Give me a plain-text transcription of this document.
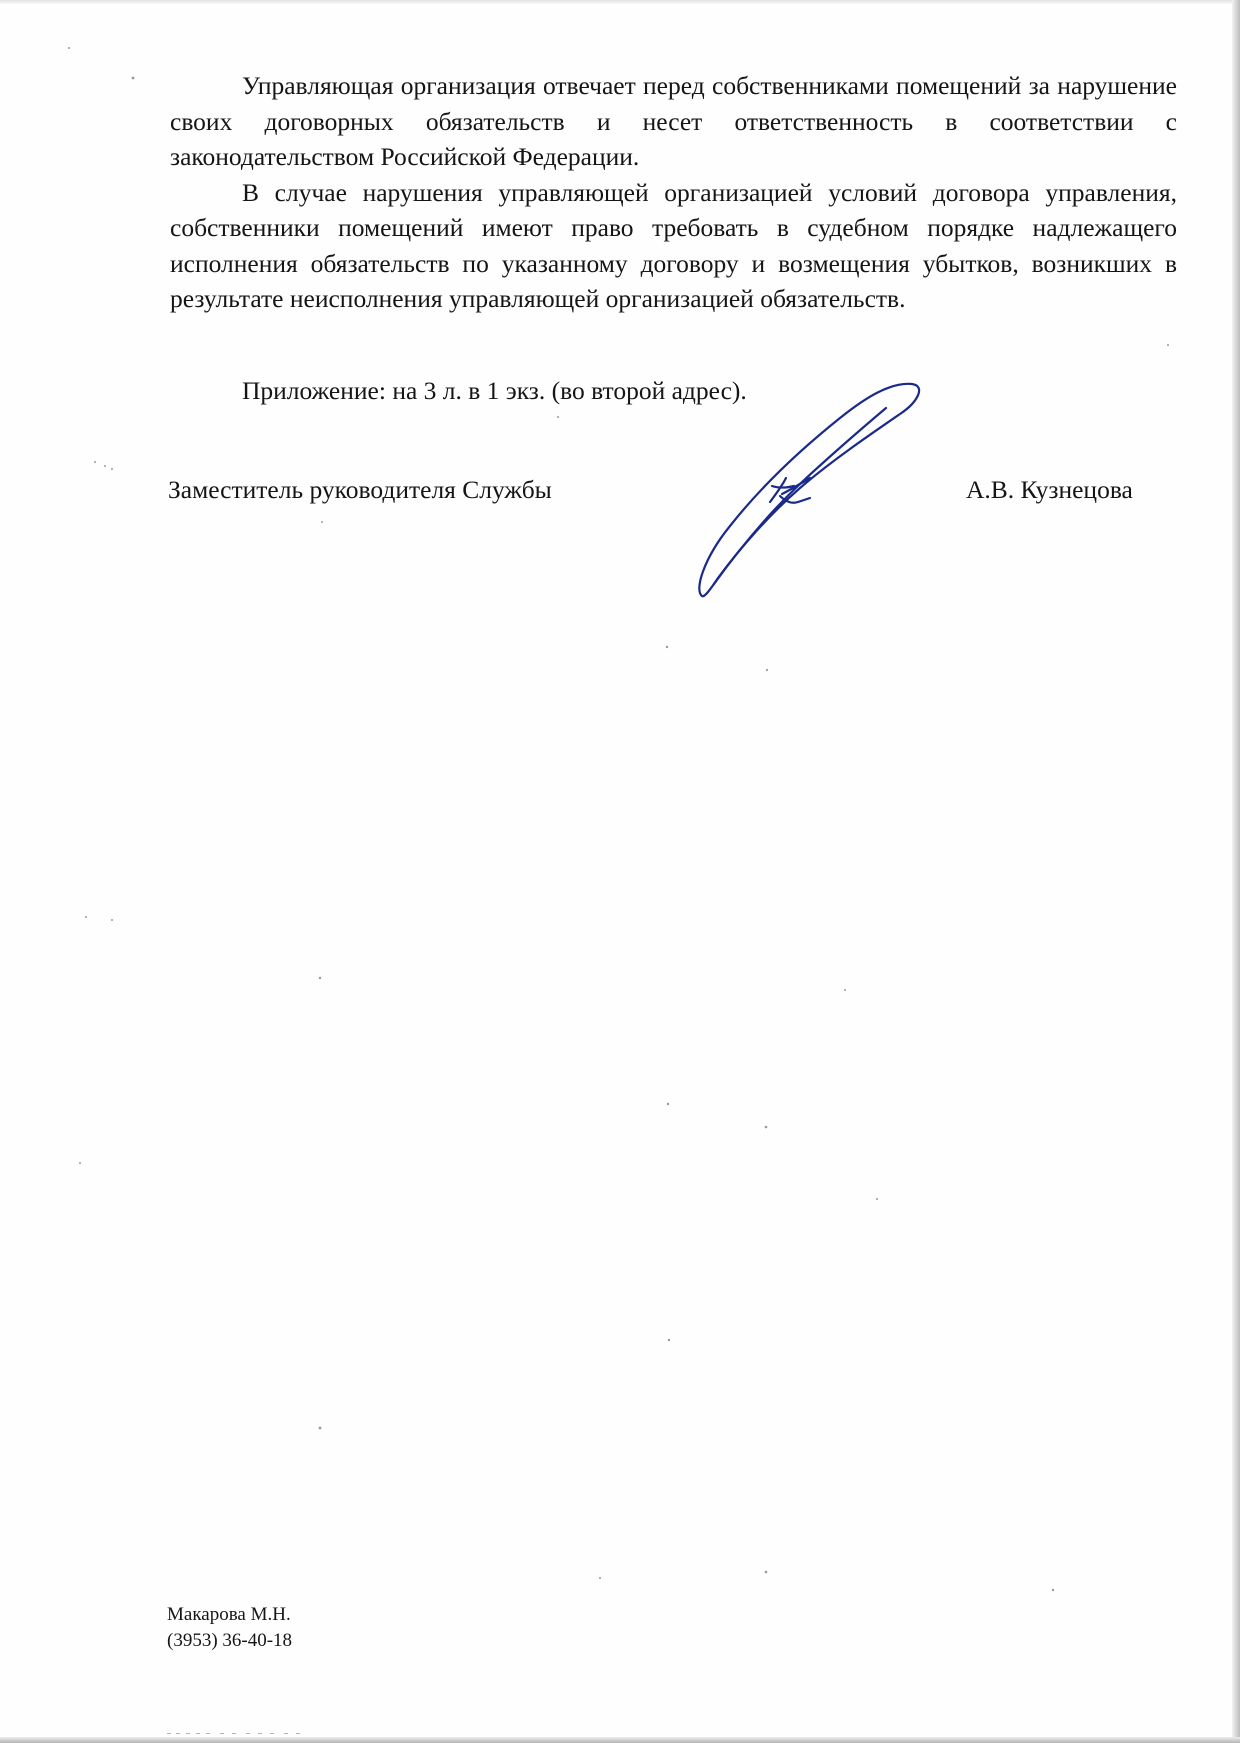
Управляющая организация отвечает перед собственниками помещений за нарушение своих договорных обязательств и несет ответственность в соответствии с законодательством Российской Федерации.

В случае нарушения управляющей организацией условий договора управления, собственники помещений имеют право требовать в судебном порядке надлежащего исполнения обязательств по указанному договору и возмещения убытков, возникших в результате неисполнения управляющей организацией обязательств.

Приложение: на 3 л. в 1 экз. (во второй адрес).
Заместитель руководителя Службы	А.В. Кузнецова
Макарова М.Н.
(3953) 36-40-18
